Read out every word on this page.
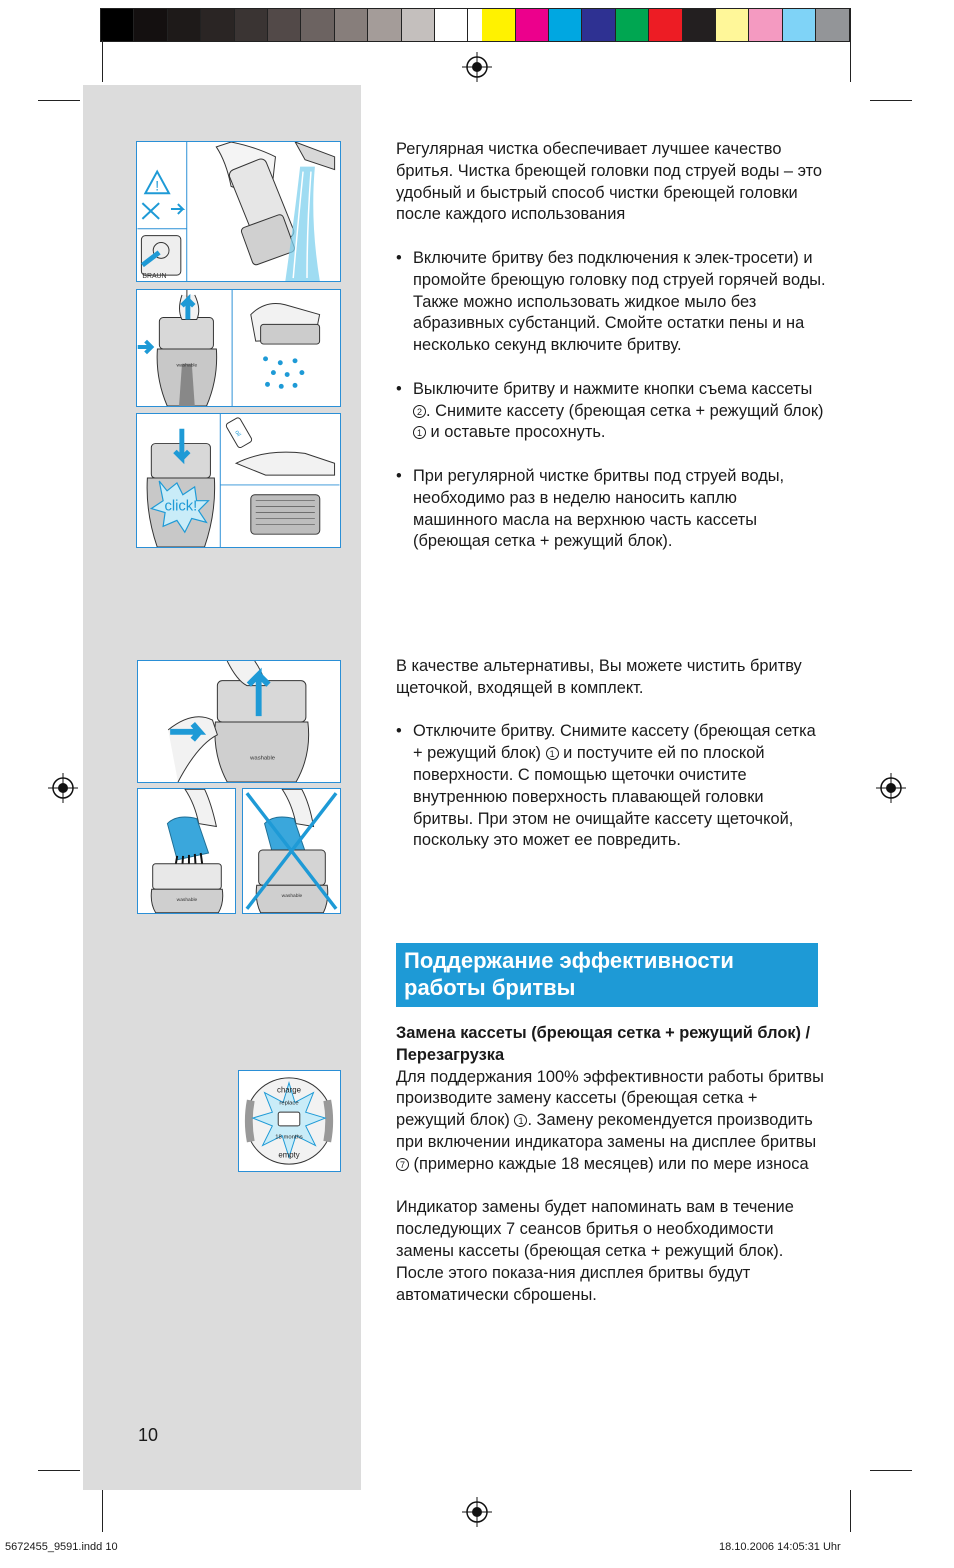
!
BRAUN
washable
click!
oil
washable
washable
washable
charge
replace
18 months
empty

Регулярная чистка обеспечивает лучшее качество бритья. Чистка бреющей головки под струей воды – это удобный и быстрый способ чистки бреющей головки после каждого использования

• Включите бритву без подключения к элек-тросети) и промойте бреющую головку под струей горячей воды. Также можно использовать жидкое мыло без абразивных субстанций. Смойте остатки пены и на несколько секунд включите бритву.

• Выключите бритву и нажмите кнопки съема кассеты 2 . Снимите кассету (бреющая сетка + режущий блок) 1 и оставьте просохнуть.

• При регулярной чистке бритвы под струей воды, необходимо раз в неделю наносить каплю машинного масла на верхнюю часть кассеты (бреющая сетка + режущий блок).

В качестве альтернативы, Вы можете чистить бритву щеточкой, входящей в комплект.

• Отключите бритву. Снимите кассету (бреющая сетка + режущий блок) 1 и постучите ей по плоской поверхности. С помощью щеточки очистите внутреннюю поверхность плавающей головки бритвы. При этом не очищайте кассету щеточкой, поскольку это может ее повредить.

Поддержание эффективности работы бритвы

Замена кассеты (бреющая сетка + режущий блок) / Перезагрузка

Для поддержания 100% эффективности работы бритвы производите замену кассеты (бреющая сетка + режущий блок) 1 . Замену рекомендуется производить при включении индикатора замены на дисплее бритвы 7 (примерно каждые 18 месяцев) или по мере износа

Индикатор замены будет напоминать вам в течение последующих 7 сеансов бритья о необходимости замены кассеты (бреющая сетка + режущий блок). После этого показа-ния дисплея бритвы будут автоматически сброшены.

10
5672455_9591.indd 10	18.10.2006 14:05:31 Uhr
